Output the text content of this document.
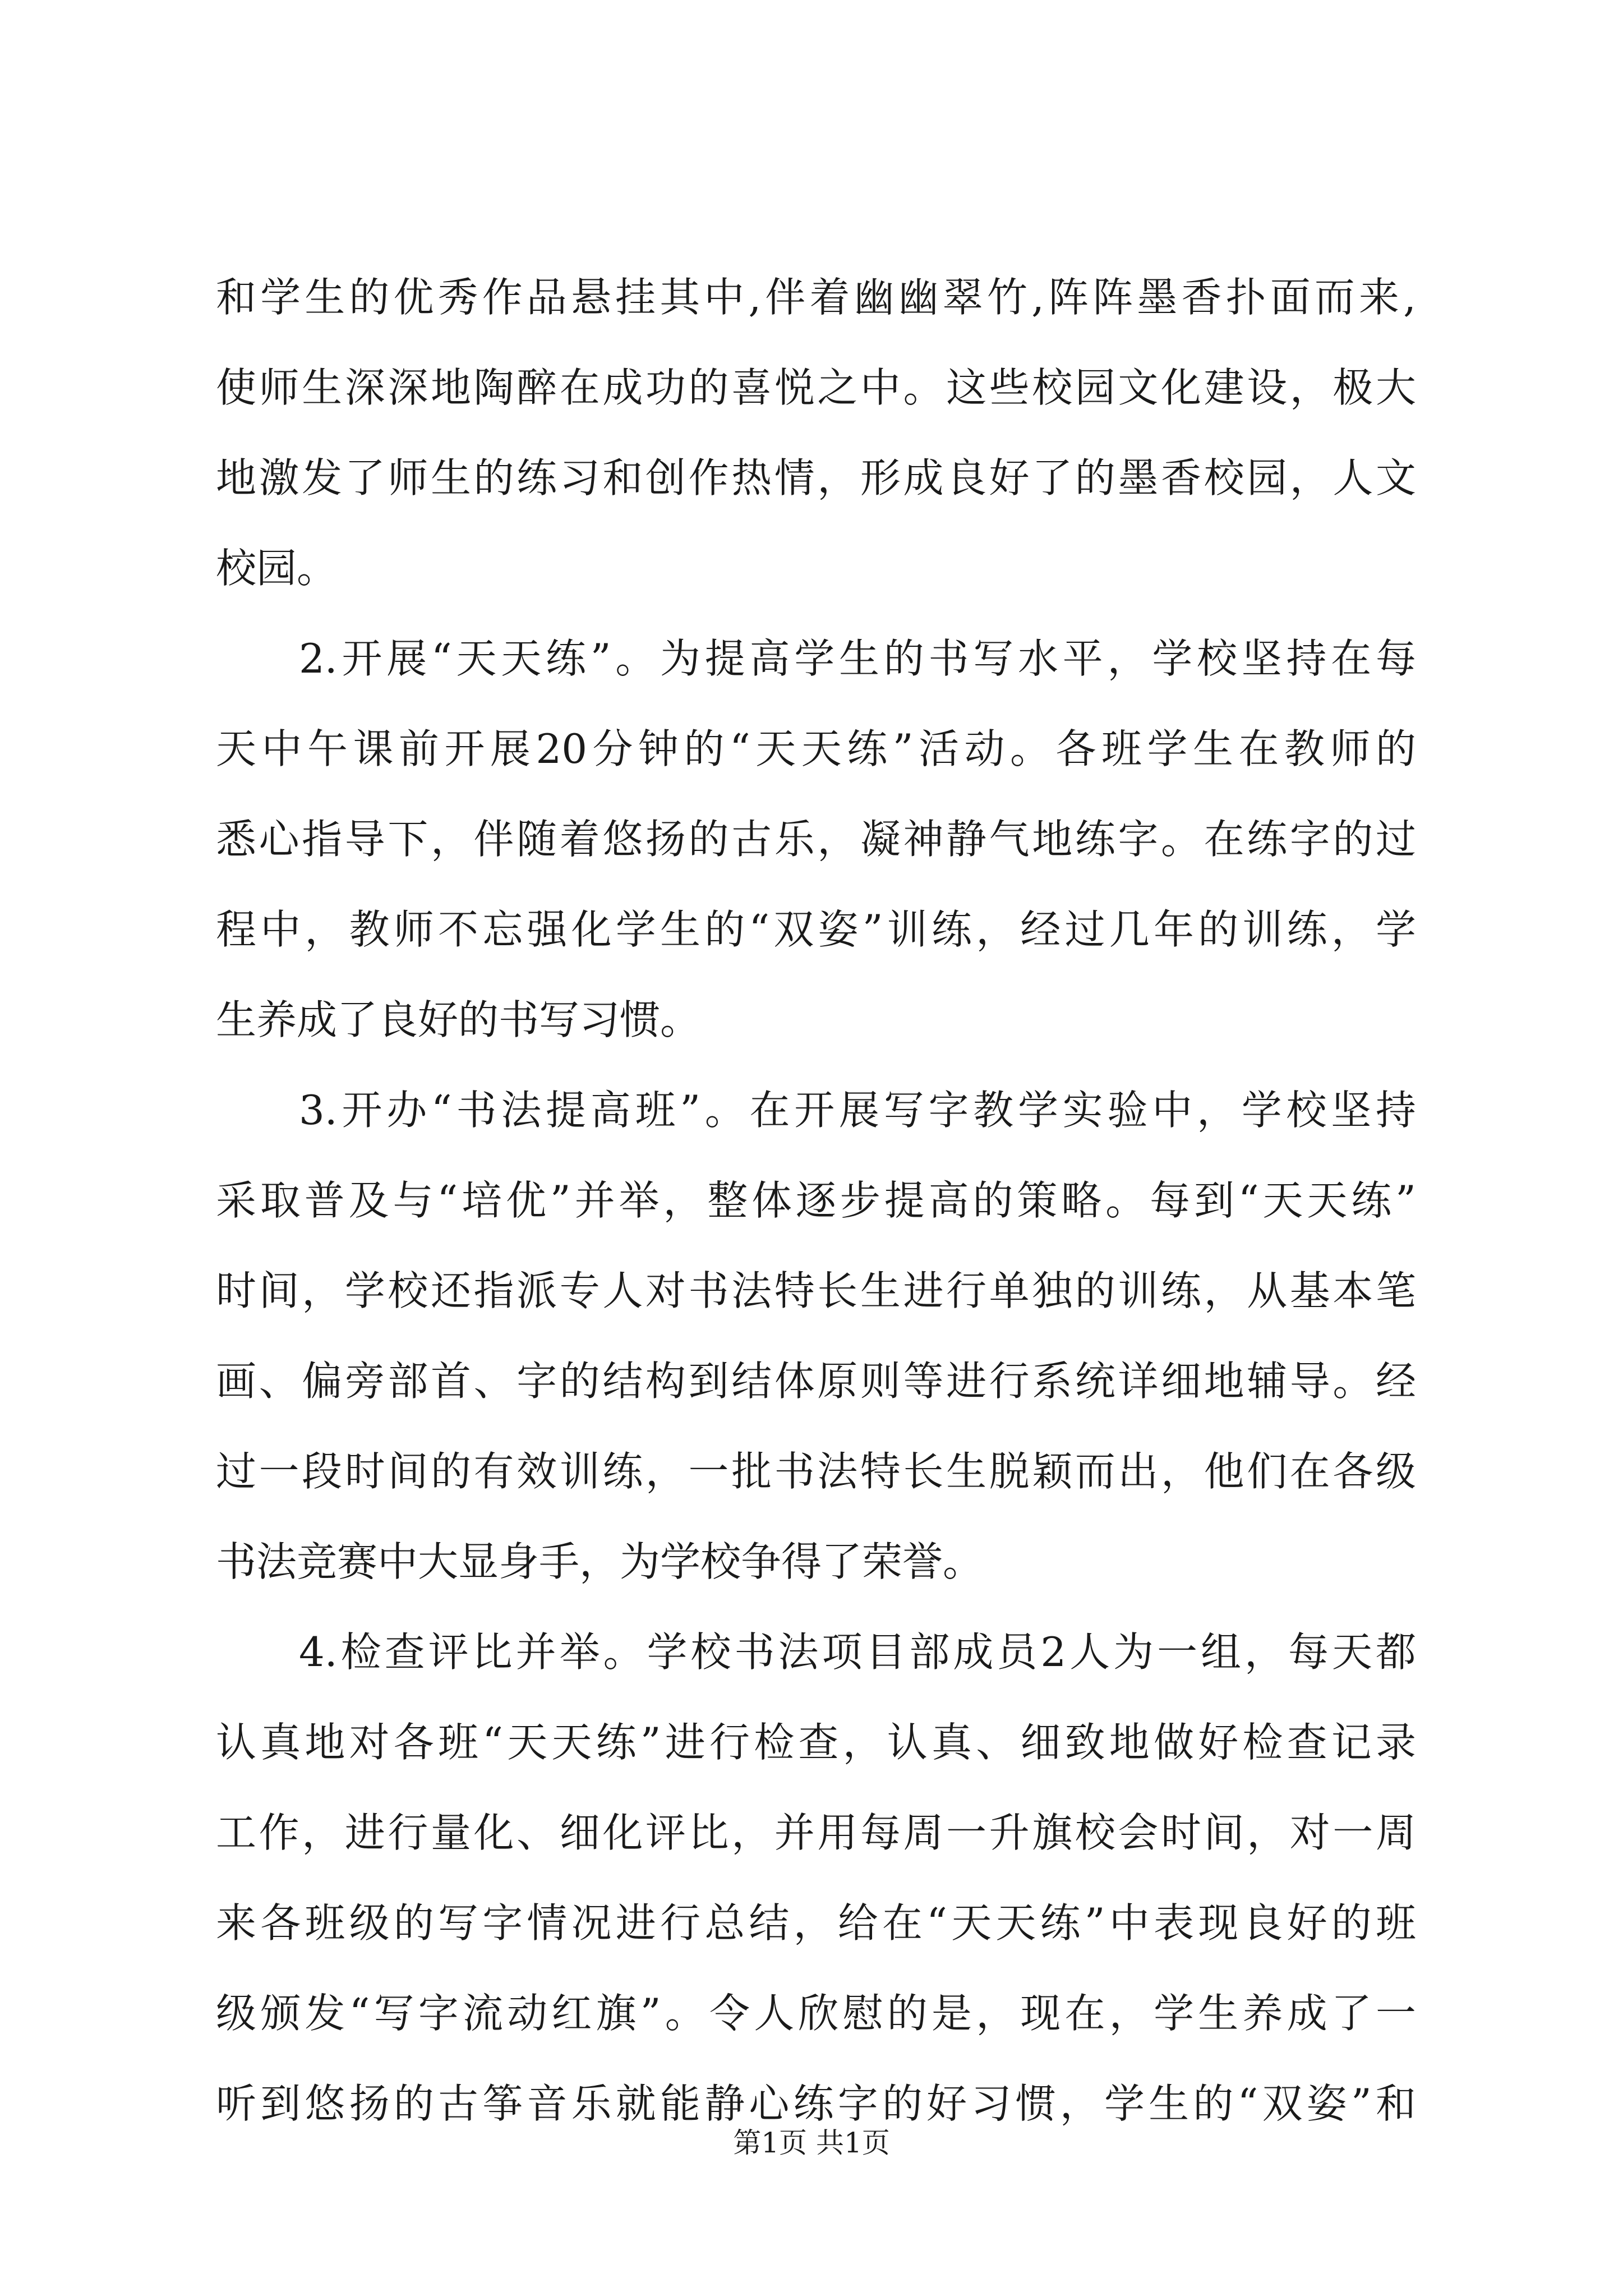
和学生的优秀作品悬挂其中,伴着幽幽翠竹,阵阵墨香扑面而来,
使师生深深地陶醉在成功的喜悦之中。这些校园文化建设，极大
地激发了师生的练习和创作热情，形成良好了的墨香校园，人文
校园。
2.开展“天天练”。为提高学生的书写水平，学校坚持在每
天中午课前开展20分钟的“天天练”活动。各班学生在教师的
悉心指导下，伴随着悠扬的古乐，凝神静气地练字。在练字的过
程中，教师不忘强化学生的“双姿”训练，经过几年的训练，学
生养成了良好的书写习惯。
3.开办“书法提高班”。在开展写字教学实验中，学校坚持
采取普及与“培优”并举，整体逐步提高的策略。每到“天天练”
时间，学校还指派专人对书法特长生进行单独的训练，从基本笔
画、偏旁部首、字的结构到结体原则等进行系统详细地辅导。经
过一段时间的有效训练，一批书法特长生脱颖而出，他们在各级
书法竞赛中大显身手，为学校争得了荣誉。
4.检查评比并举。学校书法项目部成员2人为一组，每天都
认真地对各班“天天练”进行检查，认真、细致地做好检查记录
工作，进行量化、细化评比，并用每周一升旗校会时间，对一周
来各班级的写字情况进行总结，给在“天天练”中表现良好的班
级颁发“写字流动红旗”。令人欣慰的是，现在，学生养成了一
听到悠扬的古筝音乐就能静心练字的好习惯，学生的“双姿”和
第1页 共1页
